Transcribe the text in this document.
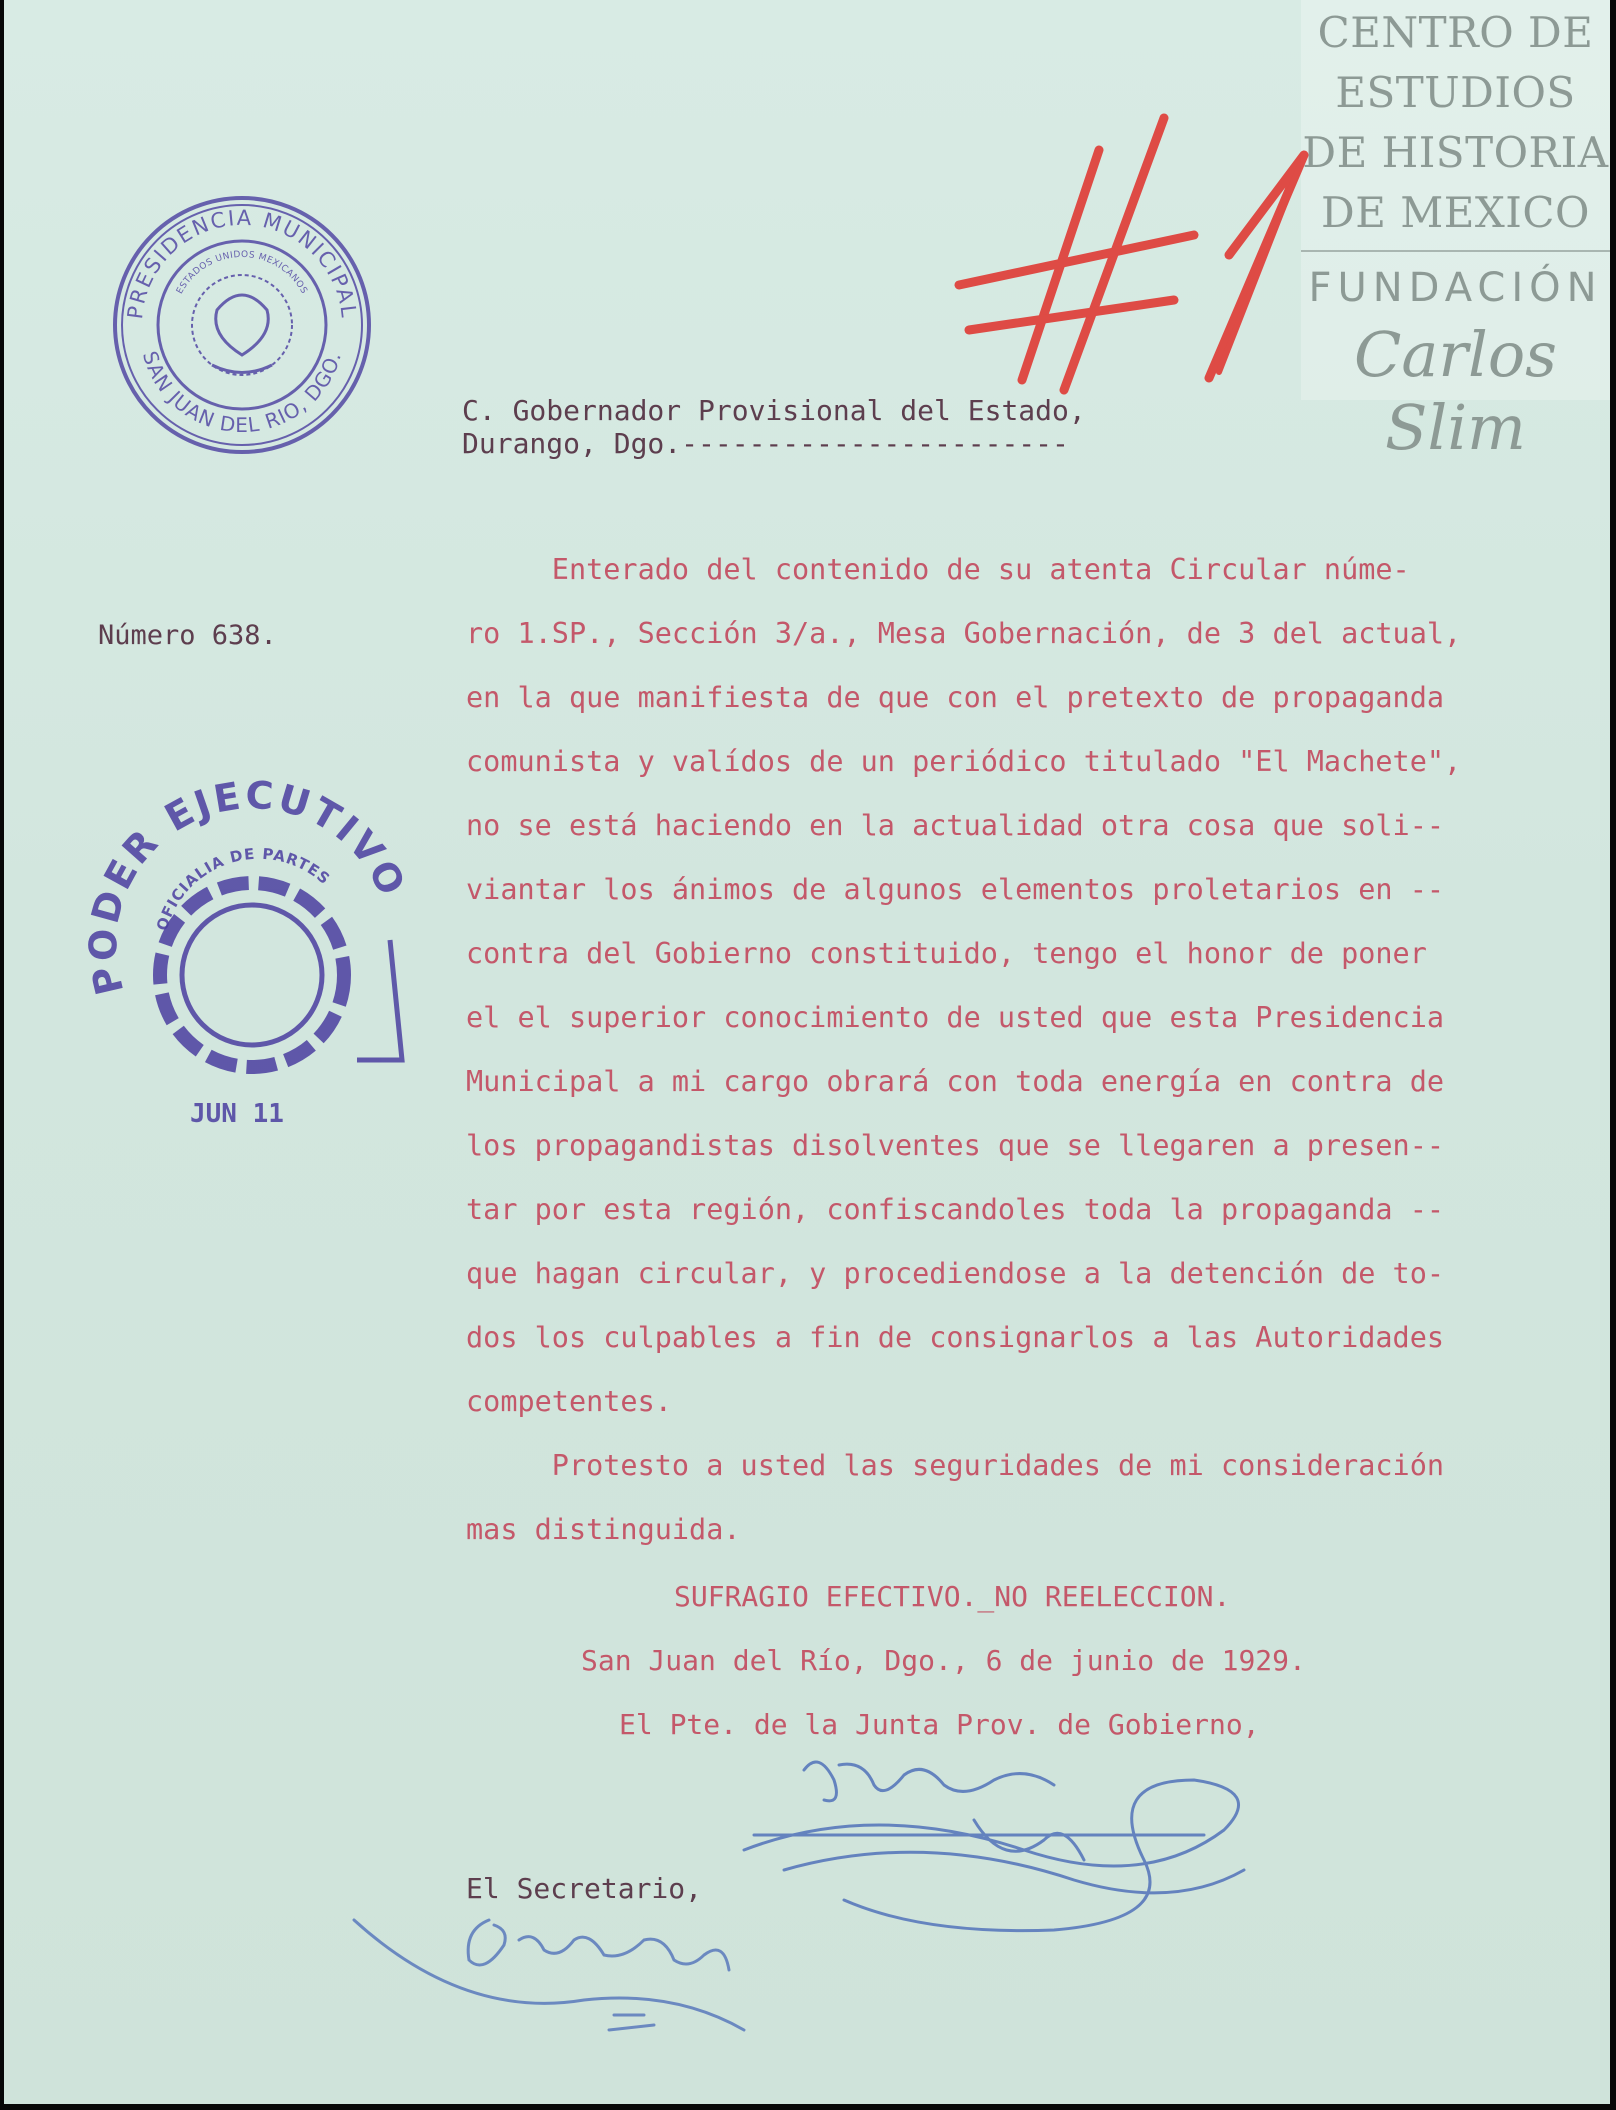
CENTRO DE
ESTUDIOS
DE HISTORIA
DE MEXICO
FUNDACIÓN
Carlos Slim
PRESIDENCIA MUNICIPAL
SAN JUAN DEL RIO, DGO.
ESTADOS UNIDOS MEXICANOS
PODER EJECUTIVO
OFICIALIA DE PARTES
JUN 11
C. Gobernador Provisional del Estado,
Durango, Dgo.-----------------------
Número 638.
Enterado del contenido de su atenta Circular núme-
ro 1.SP., Sección 3/a., Mesa Gobernación, de 3 del actual,
en la que manifiesta de que con el pretexto de propaganda
comunista y valídos de un periódico titulado "El Machete",
no se está haciendo en la actualidad otra cosa que soli--
viantar los ánimos de algunos elementos proletarios en --
contra del Gobierno constituido, tengo el honor de poner
el el superior conocimiento de usted que esta Presidencia
Municipal a mi cargo obrará con toda energía en contra de
los propagandistas disolventes que se llegaren a presen--
tar por esta región, confiscandoles toda la propaganda --
que hagan circular, y procediendose a la detención de to-
dos los culpables a fin de consignarlos a las Autoridades
competentes.
Protesto a usted las seguridades de mi consideración
mas distinguida.
SUFRAGIO EFECTIVO._NO REELECCION.
San Juan del Río, Dgo., 6 de junio de 1929.
El Pte. de la Junta Prov. de Gobierno,
El Secretario,
